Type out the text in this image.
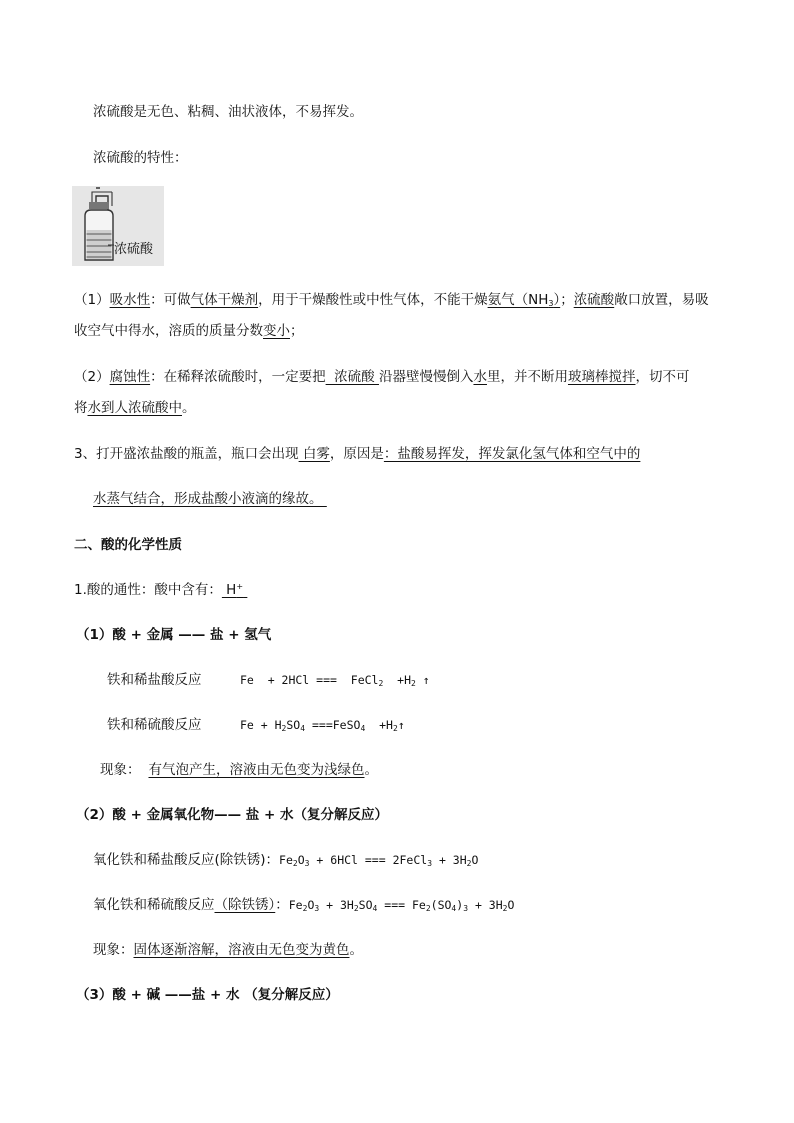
浓硫酸是无色、粘稠、油状液体，不易挥发。
浓硫酸的特性：
浓硫酸
（1）吸水性：可做气体干燥剂，用于干燥酸性或中性气体，不能干燥氨气$(NH_3)$；浓硫酸敞口放置，易吸
收空气中得水，溶质的质量分数变小；
（2）腐蚀性：在稀释浓硫酸时，一定要把  浓硫酸 沿器壁慢慢倒入水里，并不断用玻璃棒搅拌，切不可
将水到人浓硫酸中。
3、打开盛浓盐酸的瓶盖，瓶口会出现 白雾，原因是：盐酸易挥发，挥发氯化氢气体和空气中的
水蒸气结合，形成盐酸小液滴的缘故。
二、酸的化学性质
1.酸的通性：酸中含有： H+
（1）酸 + 金属 —— 盐 + 氢气
铁和稀盐酸反应	Fe  + 2HCl ===  FeCl$_2$  $+H_2$ ↑
铁和稀硫酸反应	$Fe + H_2SO_4$ ===FeSO$_4$  $+H_2↑$
现象： 有气泡产生，溶液由无色变为浅绿色。
（2）酸 + 金属氧化物—— 盐 + 水（复分解反应）
氧化铁和稀盐酸反应(除铁锈)：$Fe_2O_3 + 6HCl$ === 2FeCl$_3$ + $3H_2O$
氧化铁和稀硫酸反应（除铁锈）：$Fe_2O_3 + 3H_2SO_4$ === $Fe_2(SO_4)_3 + 3H_2O$
现象：固体逐渐溶解，溶液由无色变为黄色。
（3）酸 + 碱 ——盐 + 水 （复分解反应）
